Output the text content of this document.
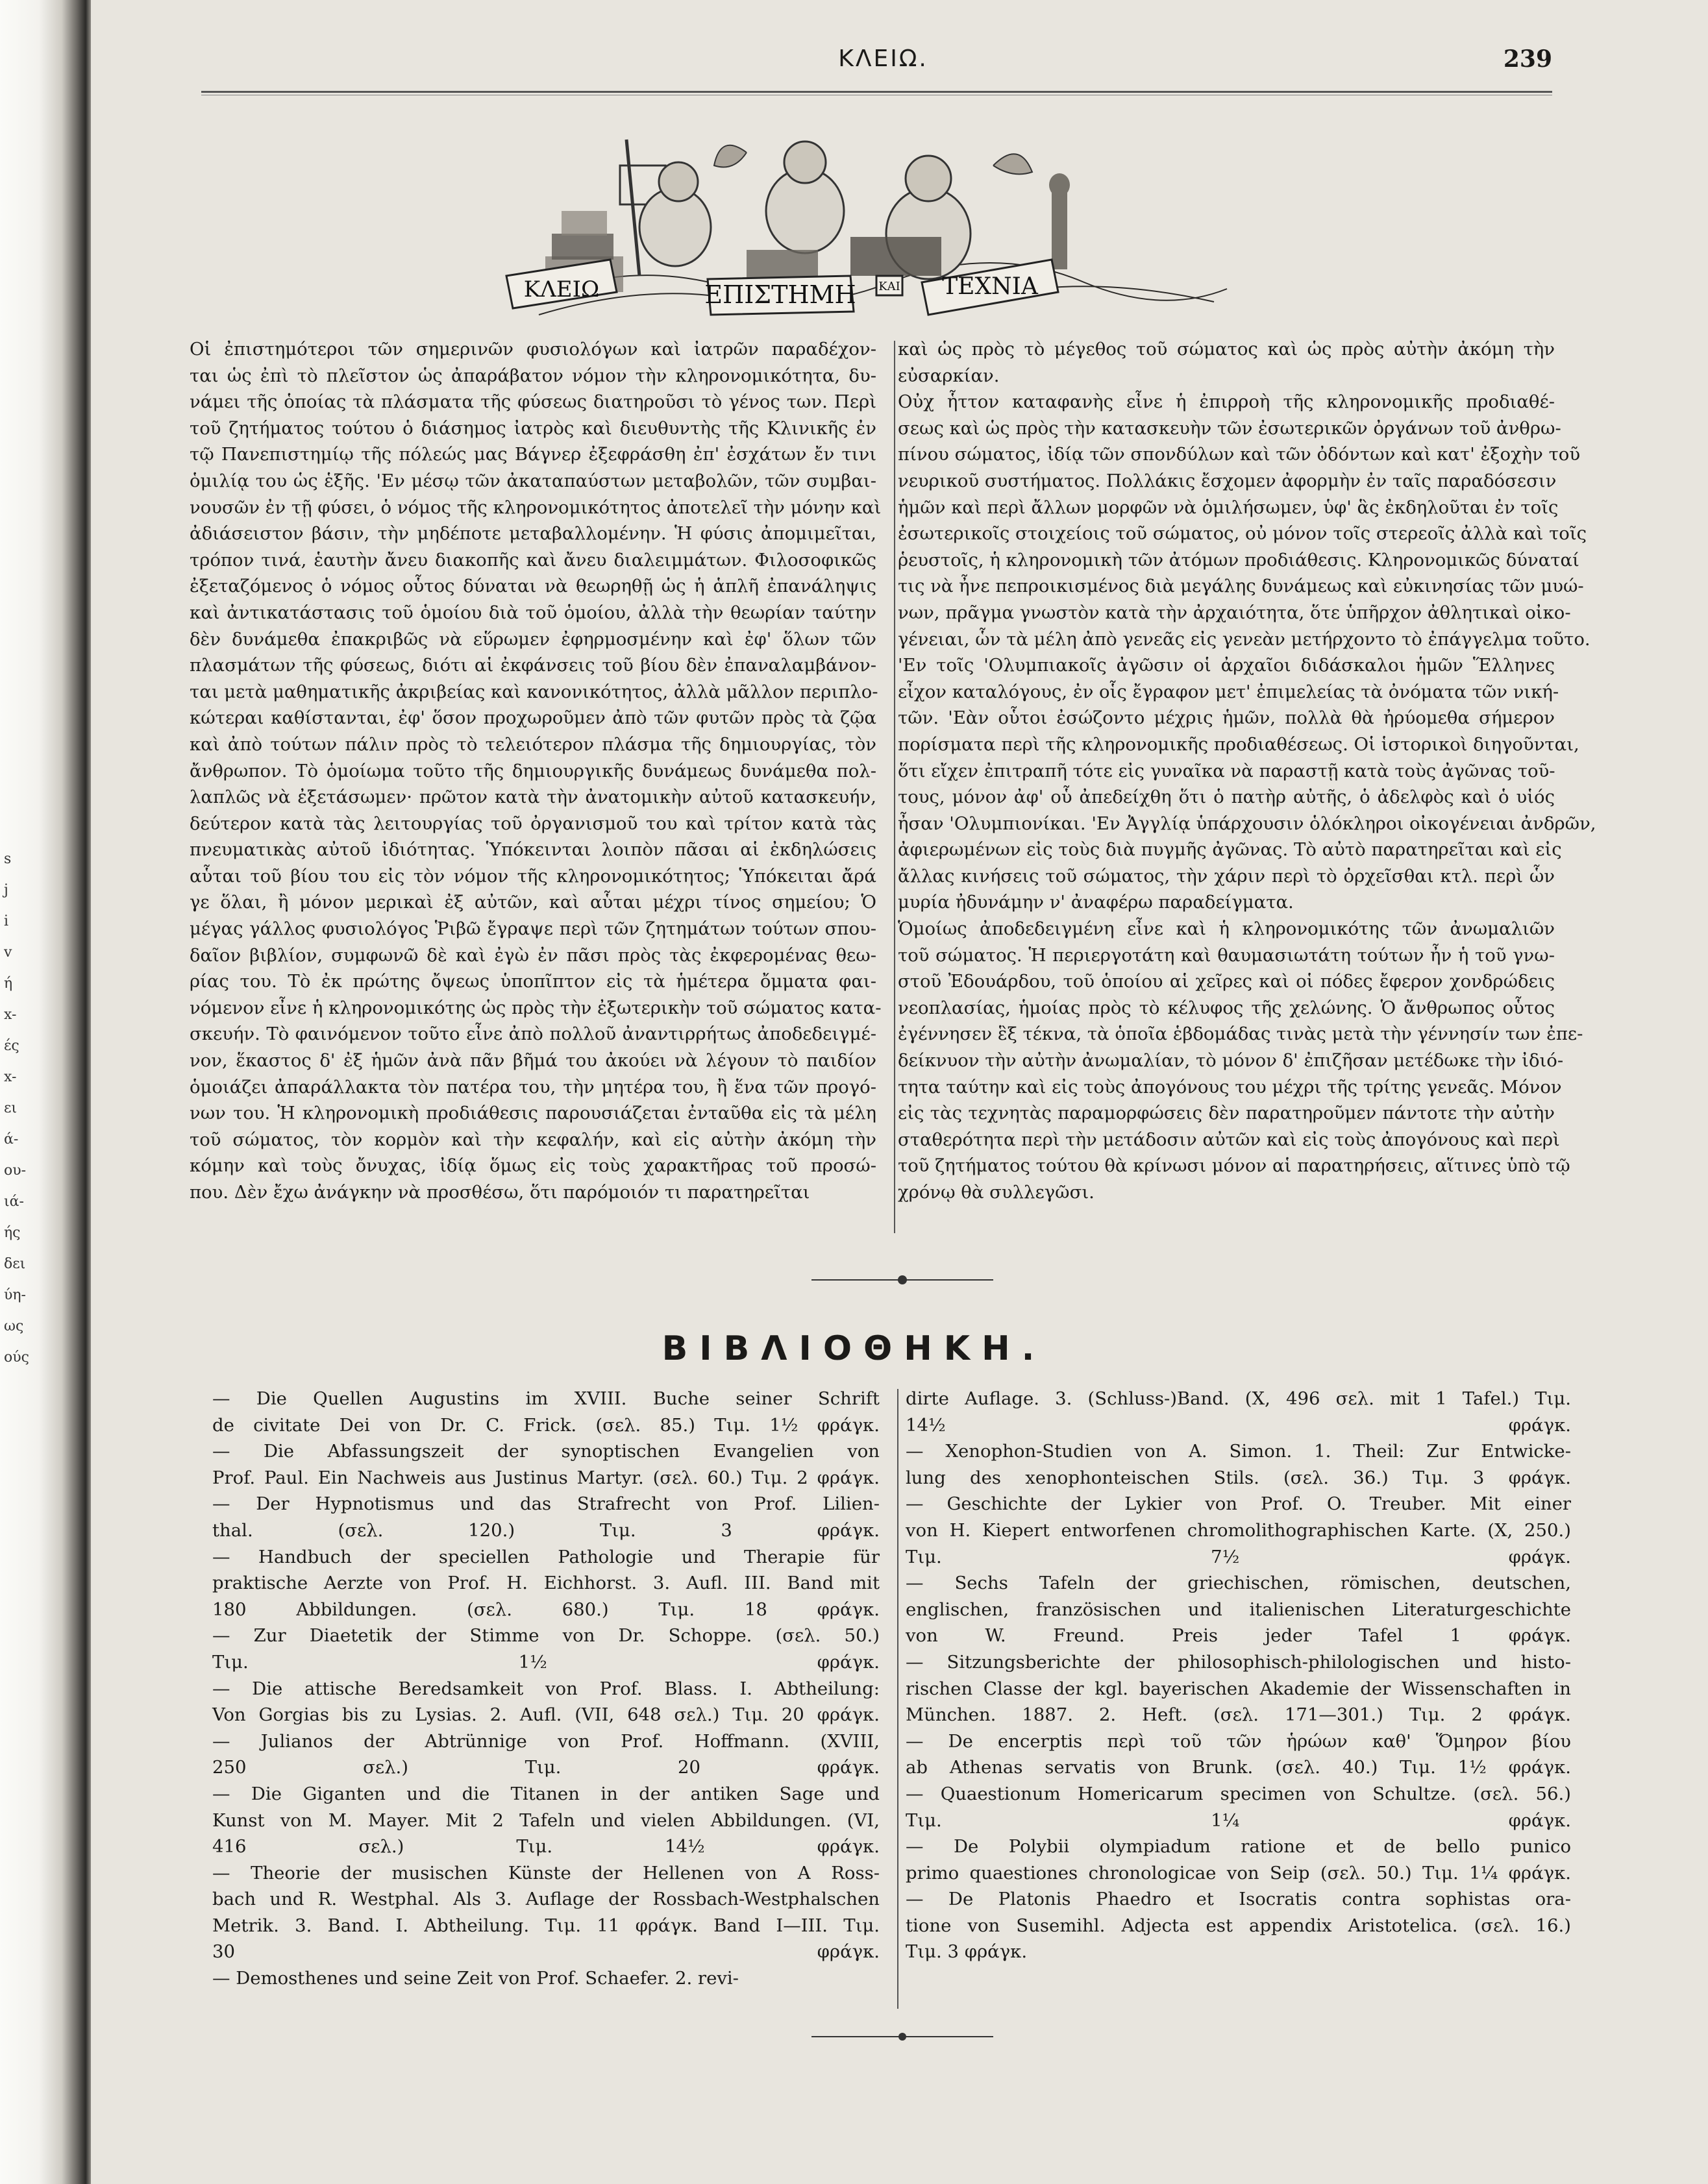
s
j
i
v
ή
x-
ές
x-
ει
ά-
ου-
ιά-
ής
δει
ύη-
ως
ούς
ΚΛΕΙΩ.	239
ΚΛΕΙΩ	ΕΠΙΣΤΗΜΗ ΚΑΙ ΤΕΧΝΙΑ

Οἱ ἐπιστημότεροι τῶν σημερινῶν φυσιολόγων καὶ ἰατρῶν παραδέχον-
ται ὡς ἐπὶ τὸ πλεῖστον ὡς ἀπαράβατον νόμον τὴν κληρονομικότητα, δυ-
νάμει τῆς ὁποίας τὰ πλάσματα τῆς φύσεως διατηροῦσι τὸ γένος των. Περὶ
τοῦ ζητήματος τούτου ὁ διάσημος ἰατρὸς καὶ διευθυντὴς τῆς Κλινικῆς ἐν
τῷ Πανεπιστημίῳ τῆς πόλεώς μας Βάγνερ ἐξεφράσθη ἐπ' ἐσχάτων ἔν τινι
ὁμιλίᾳ του ὡς ἑξῆς. 'Εν μέσῳ τῶν ἀκαταπαύστων μεταβολῶν, τῶν συμβαι-
νουσῶν ἐν τῇ φύσει, ὁ νόμος τῆς κληρονομικότητος ἀποτελεῖ τὴν μόνην καὶ
ἀδιάσειστον βάσιν, τὴν μηδέποτε μεταβαλλομένην. Ἡ φύσις ἀπομιμεῖται,
τρόπον τινά, ἑαυτὴν ἄνευ διακοπῆς καὶ ἄνευ διαλειμμάτων. Φιλοσοφικῶς
ἐξεταζόμενος ὁ νόμος οὗτος δύναται νὰ θεωρηθῇ ὡς ἡ ἁπλῆ ἐπανάληψις
καὶ ἀντικατάστασις τοῦ ὁμοίου διὰ τοῦ ὁμοίου, ἀλλὰ τὴν θεωρίαν ταύτην
δὲν δυνάμεθα ἐπακριβῶς νὰ εὕρωμεν ἐφηρμοσμένην καὶ ἐφ' ὅλων τῶν
πλασμάτων τῆς φύσεως, διότι αἱ ἐκφάνσεις τοῦ βίου δὲν ἐπαναλαμβάνον-
ται μετὰ μαθηματικῆς ἀκριβείας καὶ κανονικότητος, ἀλλὰ μᾶλλον περιπλο-
κώτεραι καθίστανται, ἐφ' ὅσον προχωροῦμεν ἀπὸ τῶν φυτῶν πρὸς τὰ ζῷα
καὶ ἀπὸ τούτων πάλιν πρὸς τὸ τελειότερον πλάσμα τῆς δημιουργίας, τὸν
ἄνθρωπον. Τὸ ὁμοίωμα τοῦτο τῆς δημιουργικῆς δυνάμεως δυνάμεθα πολ-
λαπλῶς νὰ ἐξετάσωμεν· πρῶτον κατὰ τὴν ἀνατομικὴν αὐτοῦ κατασκευήν,
δεύτερον κατὰ τὰς λειτουργίας τοῦ ὀργανισμοῦ του καὶ τρίτον κατὰ τὰς
πνευματικὰς αὐτοῦ ἰδιότητας. Ὑπόκεινται λοιπὸν πᾶσαι αἱ ἐκδηλώσεις
αὗται τοῦ βίου του εἰς τὸν νόμον τῆς κληρονομικότητος; Ὑπόκειται ἄρά
γε ὅλαι, ἢ μόνον μερικαὶ ἐξ αὐτῶν, καὶ αὗται μέχρι τίνος σημείου; Ὁ
μέγας γάλλος φυσιολόγος Ῥιβῶ ἔγραψε περὶ τῶν ζητημάτων τούτων σπου-
δαῖον βιβλίον, συμφωνῶ δὲ καὶ ἐγὼ ἐν πᾶσι πρὸς τὰς ἐκφερομένας θεω-
ρίας του. Τὸ ἐκ πρώτης ὄψεως ὑποπῖπτον εἰς τὰ ἡμέτερα ὄμματα φαι-
νόμενον εἶνε ἡ κληρονομικότης ὡς πρὸς τὴν ἐξωτερικὴν τοῦ σώματος κατα-
σκευήν. Τὸ φαινόμενον τοῦτο εἶνε ἀπὸ πολλοῦ ἀναντιρρήτως ἀποδεδειγμέ-
νον, ἕκαστος δ' ἐξ ἡμῶν ἀνὰ πᾶν βῆμά του ἀκούει νὰ λέγουν τὸ παιδίον
ὁμοιάζει ἀπαράλλακτα τὸν πατέρα του, τὴν μητέρα του, ἢ ἕνα τῶν προγό-
νων του. Ἡ κληρονομικὴ προδιάθεσις παρουσιάζεται ἐνταῦθα εἰς τὰ μέλη
τοῦ σώματος, τὸν κορμὸν καὶ τὴν κεφαλήν, καὶ εἰς αὐτὴν ἀκόμη τὴν
κόμην καὶ τοὺς ὄνυχας, ἰδίᾳ ὅμως εἰς τοὺς χαρακτῆρας τοῦ προσώ-
που. Δὲν ἔχω ἀνάγκην νὰ προσθέσω, ὅτι παρόμοιόν τι παρατηρεῖται

καὶ ὡς πρὸς τὸ μέγεθος τοῦ σώματος καὶ ὡς πρὸς αὐτὴν ἀκόμη τὴν
εὐσαρκίαν.

Οὐχ ἧττον καταφανὴς εἶνε ἡ ἐπιρροὴ τῆς κληρονομικῆς προδιαθέ-
σεως καὶ ὡς πρὸς τὴν κατασκευὴν τῶν ἐσωτερικῶν ὀργάνων τοῦ ἀνθρω-
πίνου σώματος, ἰδίᾳ τῶν σπονδύλων καὶ τῶν ὀδόντων καὶ κατ' ἐξοχὴν τοῦ
νευρικοῦ συστήματος. Πολλάκις ἔσχομεν ἀφορμὴν ἐν ταῖς παραδόσεσιν
ἡμῶν καὶ περὶ ἄλλων μορφῶν νὰ ὁμιλήσωμεν, ὑφ' ἃς ἐκδηλοῦται ἐν τοῖς
ἐσωτερικοῖς στοιχείοις τοῦ σώματος, οὐ μόνον τοῖς στερεοῖς ἀλλὰ καὶ τοῖς
ῥευστοῖς, ἡ κληρονομικὴ τῶν ἀτόμων προδιάθεσις. Κληρονομικῶς δύναταί
τις νὰ ἦνε πεπροικισμένος διὰ μεγάλης δυνάμεως καὶ εὐκινησίας τῶν μυώ-
νων, πρᾶγμα γνωστὸν κατὰ τὴν ἀρχαιότητα, ὅτε ὑπῆρχον ἀθλητικαὶ οἰκο-
γένειαι, ὧν τὰ μέλη ἀπὸ γενεᾶς εἰς γενεὰν μετήρχοντο τὸ ἐπάγγελμα τοῦτο.

'Εν τοῖς 'Ολυμπιακοῖς ἀγῶσιν οἱ ἀρχαῖοι διδάσκαλοι ἡμῶν Ἕλληνες
εἶχον καταλόγους, ἐν οἷς ἔγραφον μετ' ἐπιμελείας τὰ ὀνόματα τῶν νική-
τῶν. 'Εὰν οὗτοι ἐσώζοντο μέχρις ἡμῶν, πολλὰ θὰ ἠρύομεθα σήμερον
πορίσματα περὶ τῆς κληρονομικῆς προδιαθέσεως. Οἱ ἱστορικοὶ διηγοῦνται,
ὅτι εἴχεν ἐπιτραπῆ τότε εἰς γυναῖκα νὰ παραστῇ κατὰ τοὺς ἀγῶνας τοῦ-
τους, μόνον ἀφ' οὗ ἀπεδείχθη ὅτι ὁ πατὴρ αὐτῆς, ὁ ἀδελφὸς καὶ ὁ υἱός
ἦσαν 'Ολυμπιονίκαι. 'Εν Ἀγγλίᾳ ὑπάρχουσιν ὁλόκληροι οἰκογένειαι ἀνδρῶν,
ἀφιερωμένων εἰς τοὺς διὰ πυγμῆς ἀγῶνας. Τὸ αὐτὸ παρατηρεῖται καὶ εἰς
ἄλλας κινήσεις τοῦ σώματος, τὴν χάριν περὶ τὸ ὀρχεῖσθαι κτλ. περὶ ὧν
μυρία ἠδυνάμην ν' ἀναφέρω παραδείγματα.

Ὁμοίως ἀποδεδειγμένη εἶνε καὶ ἡ κληρονομικότης τῶν ἀνωμαλιῶν
τοῦ σώματος. Ἡ περιεργοτάτη καὶ θαυμασιωτάτη τούτων ἦν ἡ τοῦ γνω-
στοῦ Ἐδουάρδου, τοῦ ὁποίου αἱ χεῖρες καὶ οἱ πόδες ἔφερον χονδρώδεις
νεοπλασίας, ἡμοίας πρὸς τὸ κέλυφος τῆς χελώνης. Ὁ ἄνθρωπος οὗτος
ἐγέννησεν ἓξ τέκνα, τὰ ὁποῖα ἑβδομάδας τινὰς μετὰ τὴν γέννησίν των ἐπε-
δείκνυον τὴν αὐτὴν ἀνωμαλίαν, τὸ μόνον δ' ἐπιζῆσαν μετέδωκε τὴν ἰδιό-
τητα ταύτην καὶ εἰς τοὺς ἀπογόνους του μέχρι τῆς τρίτης γενεᾶς. Μόνον
εἰς τὰς τεχνητὰς παραμορφώσεις δὲν παρατηροῦμεν πάντοτε τὴν αὐτὴν
σταθερότητα περὶ τὴν μετάδοσιν αὐτῶν καὶ εἰς τοὺς ἀπογόνους καὶ περὶ
τοῦ ζητήματος τούτου θὰ κρίνωσι μόνον αἱ παρατηρήσεις, αἵτινες ὑπὸ τῷ
χρόνῳ θὰ συλλεγῶσι.

ΒΙΒΛΙΟΘΗΚΗ.

— Die Quellen Augustins im XVIII. Buche seiner Schrift
de civitate Dei von Dr. C. Frick. (σελ. 85.) Τιμ. 1½ φράγκ.
— Die Abfassungszeit der synoptischen Evangelien von
Prof. Paul. Ein Nachweis aus Justinus Martyr. (σελ. 60.) Τιμ. 2 φράγκ.
— Der Hypnotismus und das Strafrecht von Prof. Lilien-
thal. (σελ. 120.) Τιμ. 3 φράγκ.
— Handbuch der speciellen Pathologie und Therapie für
praktische Aerzte von Prof. H. Eichhorst. 3. Aufl. III. Band mit
180 Abbildungen. (σελ. 680.) Τιμ. 18 φράγκ.
— Zur Diaetetik der Stimme von Dr. Schoppe. (σελ. 50.)
Τιμ. 1½ φράγκ.
— Die attische Beredsamkeit von Prof. Blass. I. Abtheilung:
Von Gorgias bis zu Lysias. 2. Aufl. (VII, 648 σελ.) Τιμ. 20 φράγκ.
— Julianos der Abtrünnige von Prof. Hoffmann. (XVIII,
250 σελ.) Τιμ. 20 φράγκ.
— Die Giganten und die Titanen in der antiken Sage und
Kunst von M. Mayer. Mit 2 Tafeln und vielen Abbildungen. (VI,
416 σελ.) Τιμ. 14½ φράγκ.
— Theorie der musischen Künste der Hellenen von A Ross-
bach und R. Westphal. Als 3. Auflage der Rossbach-Westphalschen
Metrik. 3. Band. I. Abtheilung. Τιμ. 11 φράγκ. Band I—III. Τιμ.
30 φράγκ.
— Demosthenes und seine Zeit von Prof. Schaefer. 2. revi-

dirte Auflage. 3. (Schluss-)Band. (X, 496 σελ. mit 1 Tafel.) Τιμ.
14½ φράγκ.
— Xenophon-Studien von A. Simon. 1. Theil: Zur Entwicke-
lung des xenophonteischen Stils. (σελ. 36.) Τιμ. 3 φράγκ.
— Geschichte der Lykier von Prof. O. Treuber. Mit einer
von H. Kiepert entworfenen chromolithographischen Karte. (X, 250.)
Τιμ. 7½ φράγκ.
— Sechs Tafeln der griechischen, römischen, deutschen,
englischen, französischen und italienischen Literaturgeschichte
von W. Freund. Preis jeder Tafel 1 φράγκ.
— Sitzungsberichte der philosophisch-philologischen und histo-
rischen Classe der kgl. bayerischen Akademie der Wissenschaften in
München. 1887. 2. Heft. (σελ. 171—301.) Τιμ. 2 φράγκ.
— De encerptis περὶ τοῦ τῶν ἡρώων καθ' Ὅμηρον βίου
ab Athenas servatis von Brunk. (σελ. 40.) Τιμ. 1½ φράγκ.
— Quaestionum Homericarum specimen von Schultze. (σελ. 56.)
Τιμ. 1¼ φράγκ.
— De Polybii olympiadum ratione et de bello punico
primo quaestiones chronologicae von Seip (σελ. 50.) Τιμ. 1¼ φράγκ.
— De Platonis Phaedro et Isocratis contra sophistas ora-
tione von Susemihl. Adjecta est appendix Aristotelica. (σελ. 16.)
Τιμ. 3 φράγκ.
